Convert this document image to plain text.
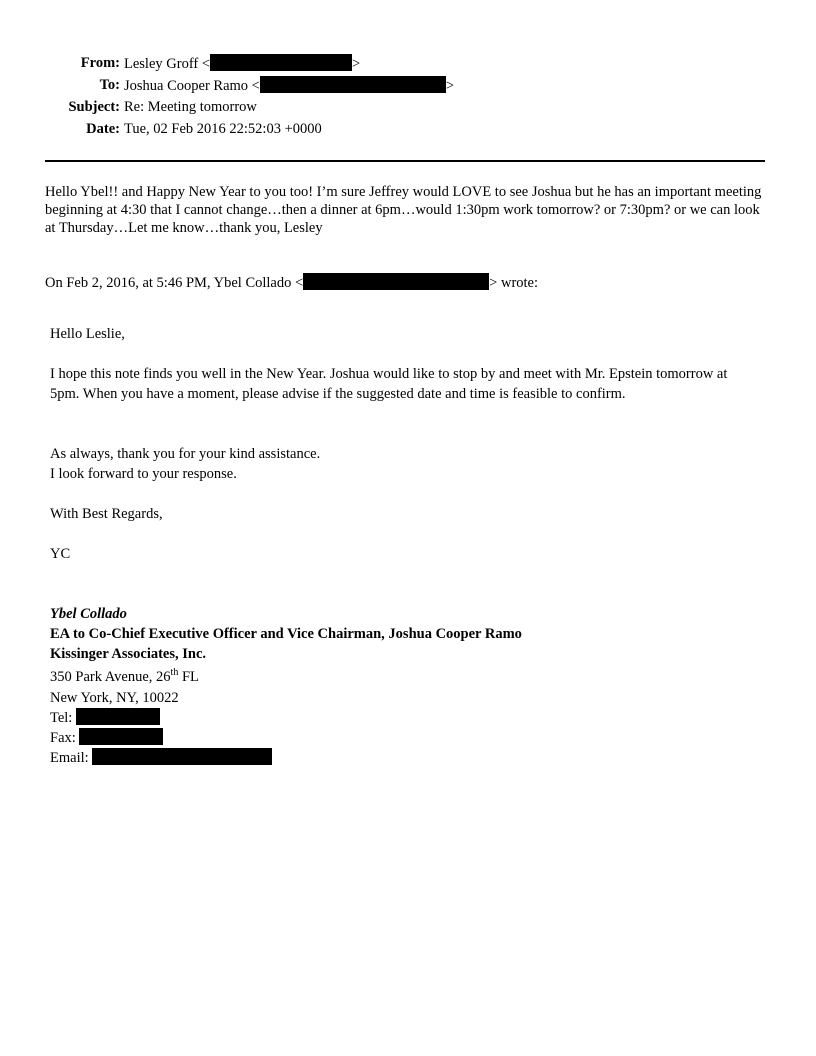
From: Lesley Groff <	>
To: Joshua Cooper Ramo <	>
Subject: Re: Meeting tomorrow
Date: Tue, 02 Feb 2016 22:52:03 +0000
Hello Ybel!! and Happy New Year to you too! I’m sure Jeffrey would LOVE to see Joshua but he has an important meeting beginning at 4:30 that I cannot change…then a dinner at 6pm…would 1:30pm work tomorrow? or 7:30pm? or we can look at Thursday…Let me know…thank you, Lesley
On Feb 2, 2016, at 5:46 PM, Ybel Collado <	> wrote:
Hello Leslie,
I hope this note finds you well in the New Year. Joshua would like to stop by and meet with Mr. Epstein tomorrow at 5pm. When you have a moment, please advise if the suggested date and time is feasible to confirm.
As always, thank you for your kind assistance.
I look forward to your response.
With Best Regards,
YC
Ybel Collado
EA to Co-Chief Executive Officer and Vice Chairman, Joshua Cooper Ramo
Kissinger Associates, Inc.
350 Park Avenue, 26th FL
New York, NY, 10022
Tel:
Fax:
Email:
